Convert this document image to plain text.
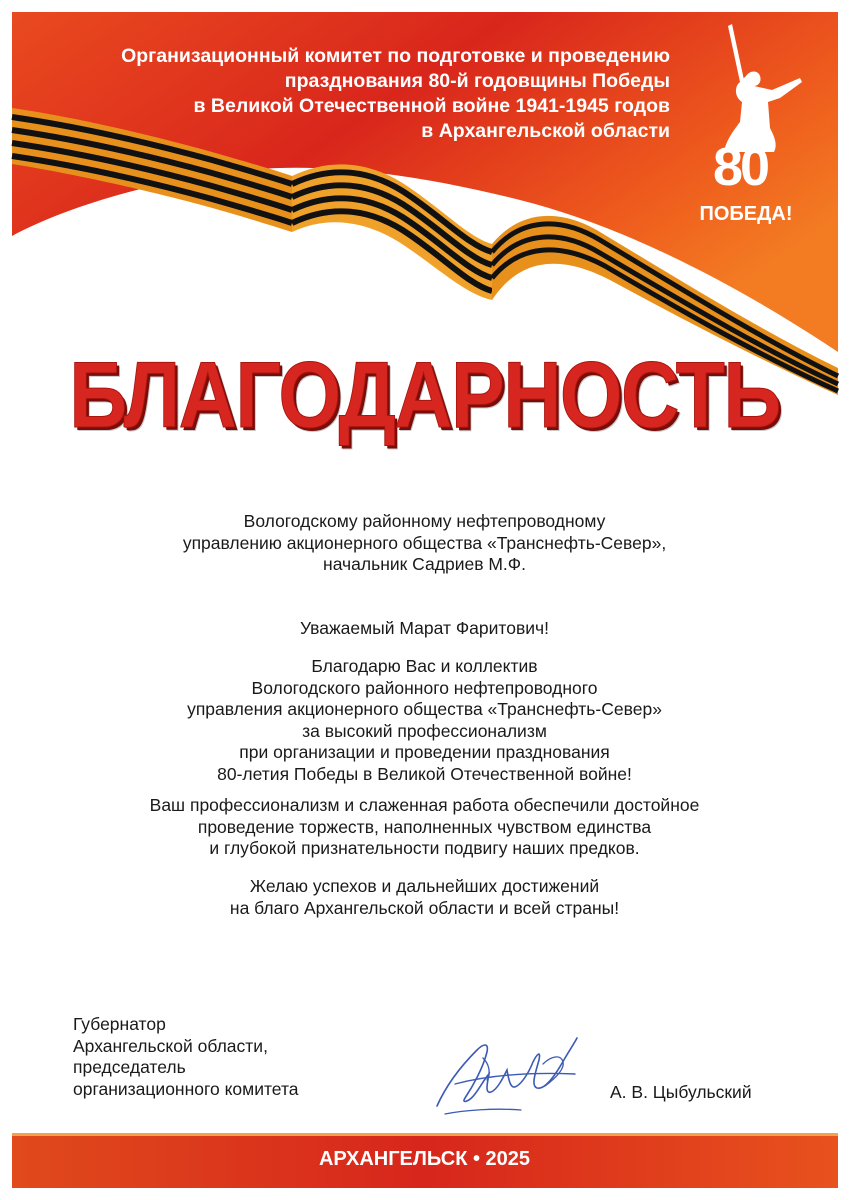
Организационный комитет по подготовке и проведению
празднования 80-й годовщины Победы
в Великой Отечественной войне 1941-1945 годов
в Архангельской области
80
ПОБЕДА!
БЛАГОДАРНОСТЬ
Вологодскому районному нефтепроводному
управлению акционерного общества «Транснефть-Север»,
начальник Садриев М.Ф.
Уважаемый Марат Фаритович!
Благодарю Вас и коллектив
Вологодского районного нефтепроводного
управления акционерного общества «Транснефть-Север»
за высокий профессионализм
при организации и проведении празднования
80-летия Победы в Великой Отечественной войне!
Ваш профессионализм и слаженная работа обеспечили достойное
проведение торжеств, наполненных чувством единства
и глубокой признательности подвигу наших предков.
Желаю успехов и дальнейших достижений
на благо Архангельской области и всей страны!
Губернатор
Архангельской области,
председатель
организационного комитета	А. В. Цыбульский
АРХАНГЕЛЬСК • 2025
